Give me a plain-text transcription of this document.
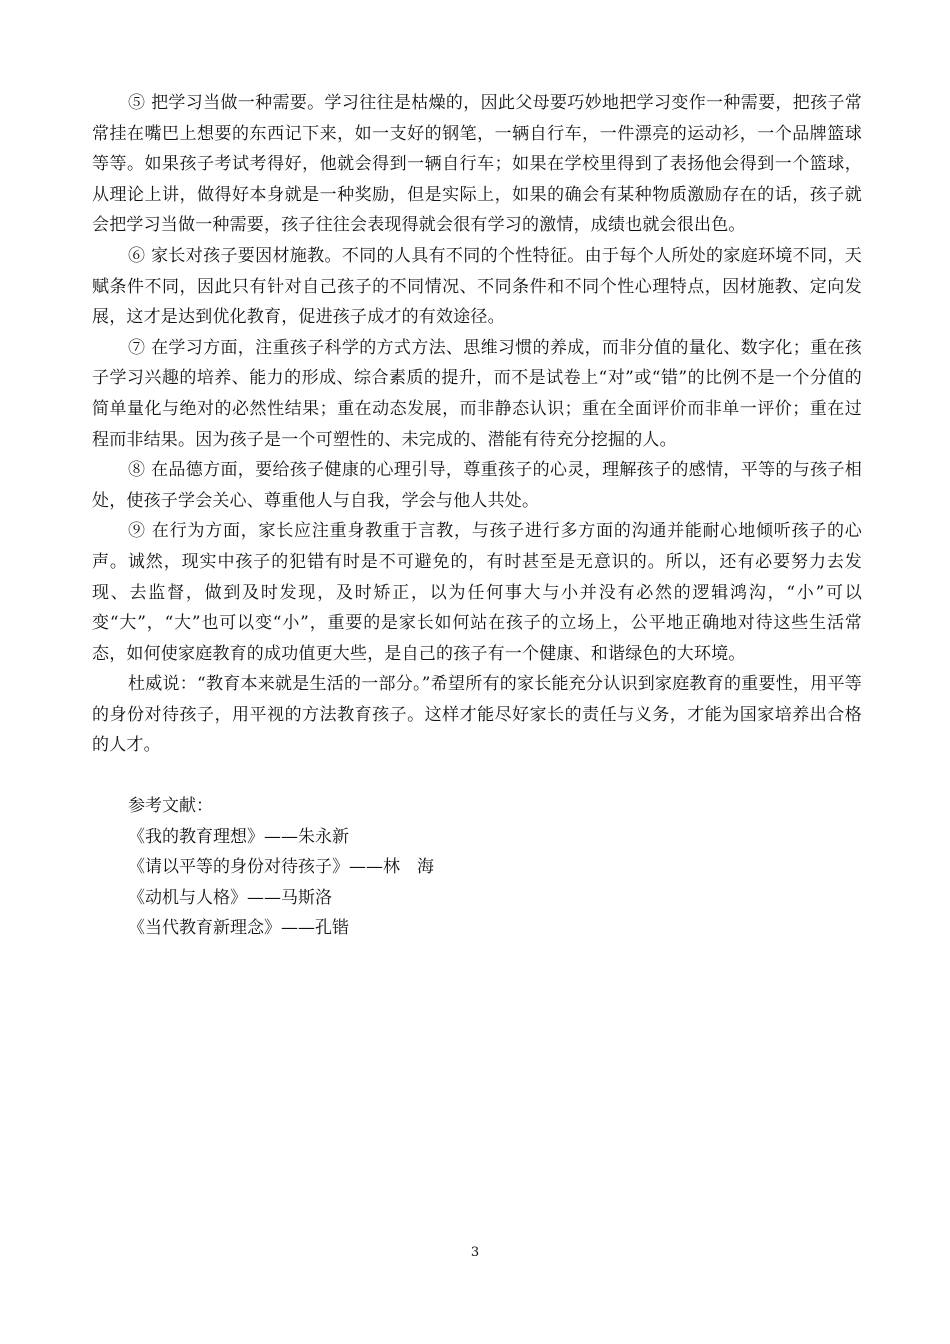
⑤ 把学习当做一种需要。学习往往是枯燥的，因此父母要巧妙地把学习变作一种需要，把孩子常常挂在嘴巴上想要的东西记下来，如一支好的钢笔，一辆自行车，一件漂亮的运动衫，一个品牌篮球等等。如果孩子考试考得好，他就会得到一辆自行车；如果在学校里得到了表扬他会得到一个篮球，从理论上讲，做得好本身就是一种奖励，但是实际上，如果的确会有某种物质激励存在的话，孩子就会把学习当做一种需要，孩子往往会表现得就会很有学习的激情，成绩也就会很出色。

⑥ 家长对孩子要因材施教。不同的人具有不同的个性特征。由于每个人所处的家庭环境不同，天赋条件不同，因此只有针对自己孩子的不同情况、不同条件和不同个性心理特点，因材施教、定向发展，这才是达到优化教育，促进孩子成才的有效途径。

⑦ 在学习方面，注重孩子科学的方式方法、思维习惯的养成，而非分值的量化、数字化；重在孩子学习兴趣的培养、能力的形成、综合素质的提升，而不是试卷上“对”或“错”的比例不是一个分值的简单量化与绝对的必然性结果；重在动态发展，而非静态认识；重在全面评价而非单一评价；重在过程而非结果。因为孩子是一个可塑性的、未完成的、潜能有待充分挖掘的人。

⑧ 在品德方面，要给孩子健康的心理引导，尊重孩子的心灵，理解孩子的感情，平等的与孩子相处，使孩子学会关心、尊重他人与自我，学会与他人共处。

⑨ 在行为方面，家长应注重身教重于言教，与孩子进行多方面的沟通并能耐心地倾听孩子的心声。诚然，现实中孩子的犯错有时是不可避免的，有时甚至是无意识的。所以，还有必要努力去发现、去监督，做到及时发现，及时矫正，以为任何事大与小并没有必然的逻辑鸿沟，“小”可以变“大”，“大”也可以变“小”，重要的是家长如何站在孩子的立场上，公平地正确地对待这些生活常态，如何使家庭教育的成功值更大些，是自己的孩子有一个健康、和谐绿色的大环境。

杜威说：“教育本来就是生活的一部分。”希望所有的家长能充分认识到家庭教育的重要性，用平等的身份对待孩子，用平视的方法教育孩子。这样才能尽好家长的责任与义务，才能为国家培养出合格的人才。

参考文献：

《我的教育理想》——朱永新

《请以平等的身份对待孩子》——林　海

《动机与人格》——马斯洛

《当代教育新理念》——孔锴

3
